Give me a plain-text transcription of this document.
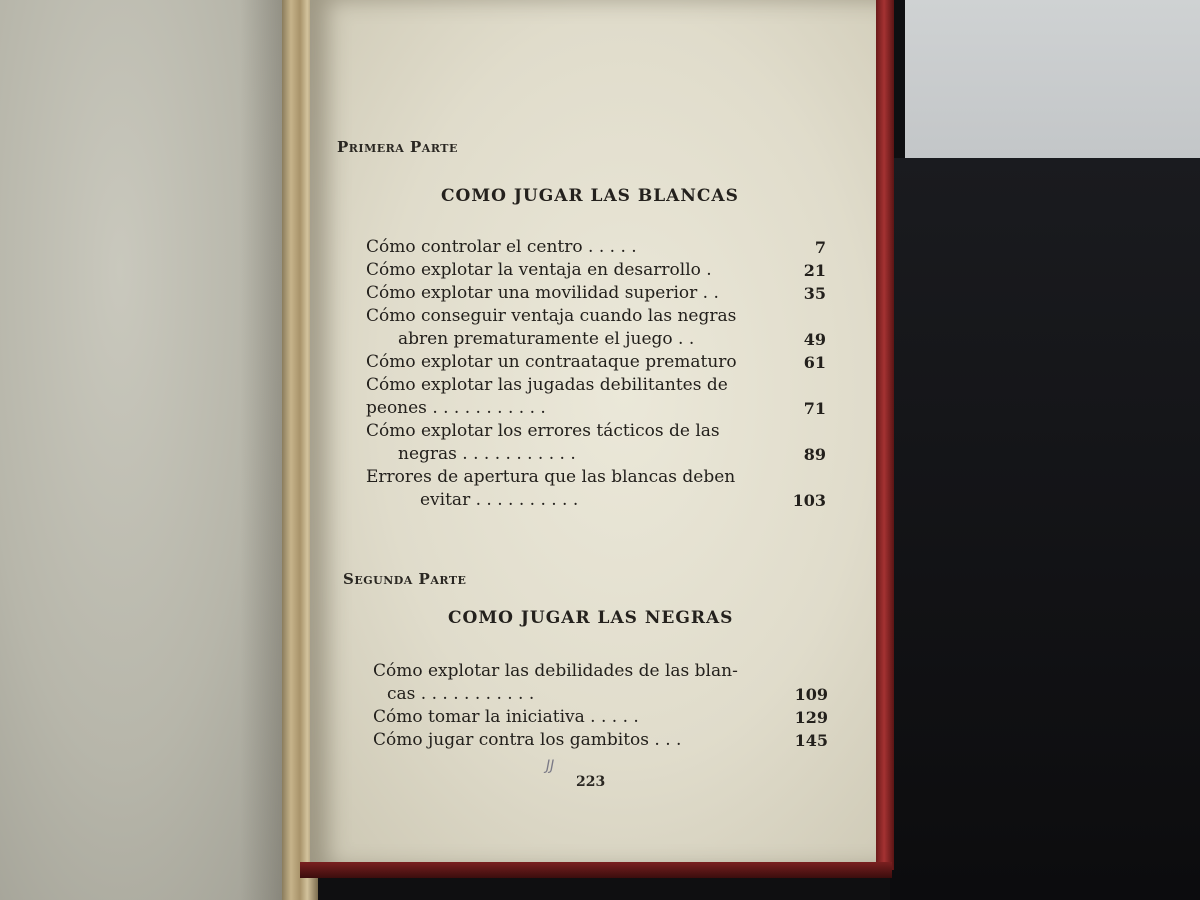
Primera Parte
COMO JUGAR LAS BLANCAS
Cómo controlar el centro . . . . .	7
Cómo explotar la ventaja en desarrollo .	21
Cómo explotar una movilidad superior . .	35
Cómo conseguir ventaja cuando las negras
abren prematuramente el juego . .	49
Cómo explotar un contraataque prematuro	61
Cómo explotar las jugadas debilitantes de
peones . . . . . . . . . . .	71
Cómo explotar los errores tácticos de las
negras . . . . . . . . . . .	89
Errores de apertura que las blancas deben
evitar . . . . . . . . . .	103
Segunda Parte
COMO JUGAR LAS NEGRAS
Cómo explotar las debilidades de las blan-
cas . . . . . . . . . . .	109
Cómo tomar la iniciativa . . . . .	129
Cómo jugar contra los gambitos . . .	145
JJ
223
